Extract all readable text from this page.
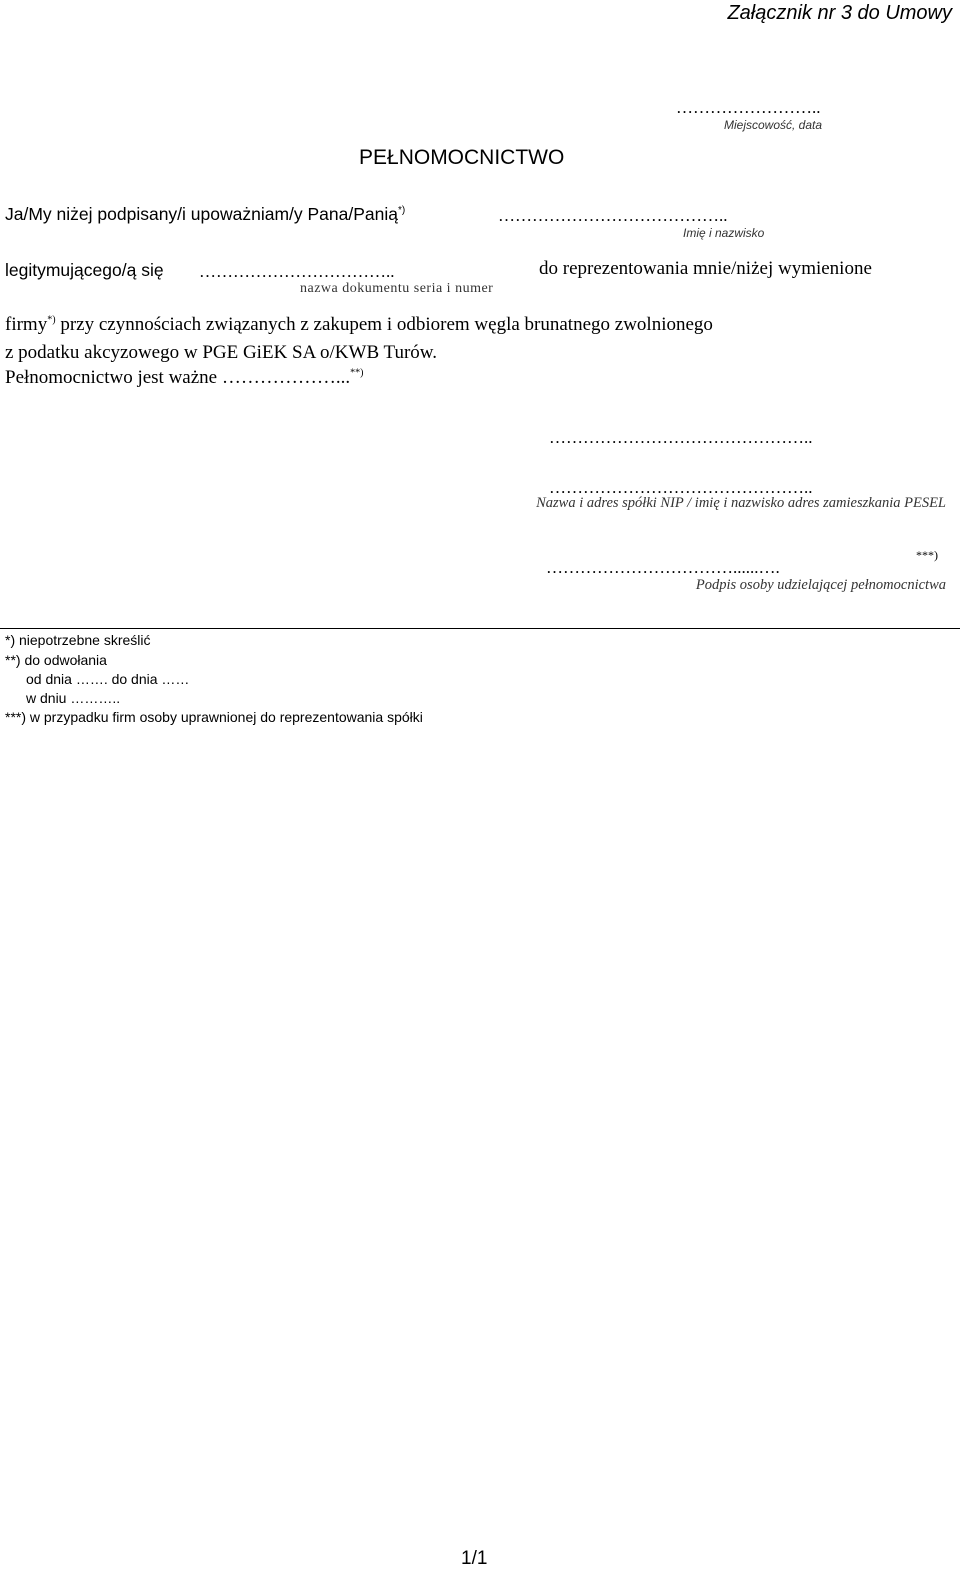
Załącznik nr 3 do Umowy
……………………..
Miejscowość, data
PEŁNOMOCNICTWO
Ja/My niżej podpisany/i upoważniam/y Pana/Panią*)	…………………………………..
Imię i nazwisko
legitymującego/ą się ……………………………..	do reprezentowania mnie/niżej wymienione
nazwa dokumentu seria i numer
firmy*) przy czynnościach związanych z zakupem i odbiorem węgla brunatnego zwolnionego
z podatku akcyzowego w PGE GiEK SA o/KWB Turów.
Pełnomocnictwo jest ważne ………………...**)
………………………………………..
………………………………………..
Nazwa i adres spółki NIP / imię i nazwisko adres zamieszkania PESEL
……………………………......….
***)
Podpis osoby udzielającej pełnomocnictwa
*) niepotrzebne skreślić
**) do odwołania
od dnia ……. do dnia ……
w dniu ………..
***) w przypadku firm osoby uprawnionej do reprezentowania spółki
1/1
